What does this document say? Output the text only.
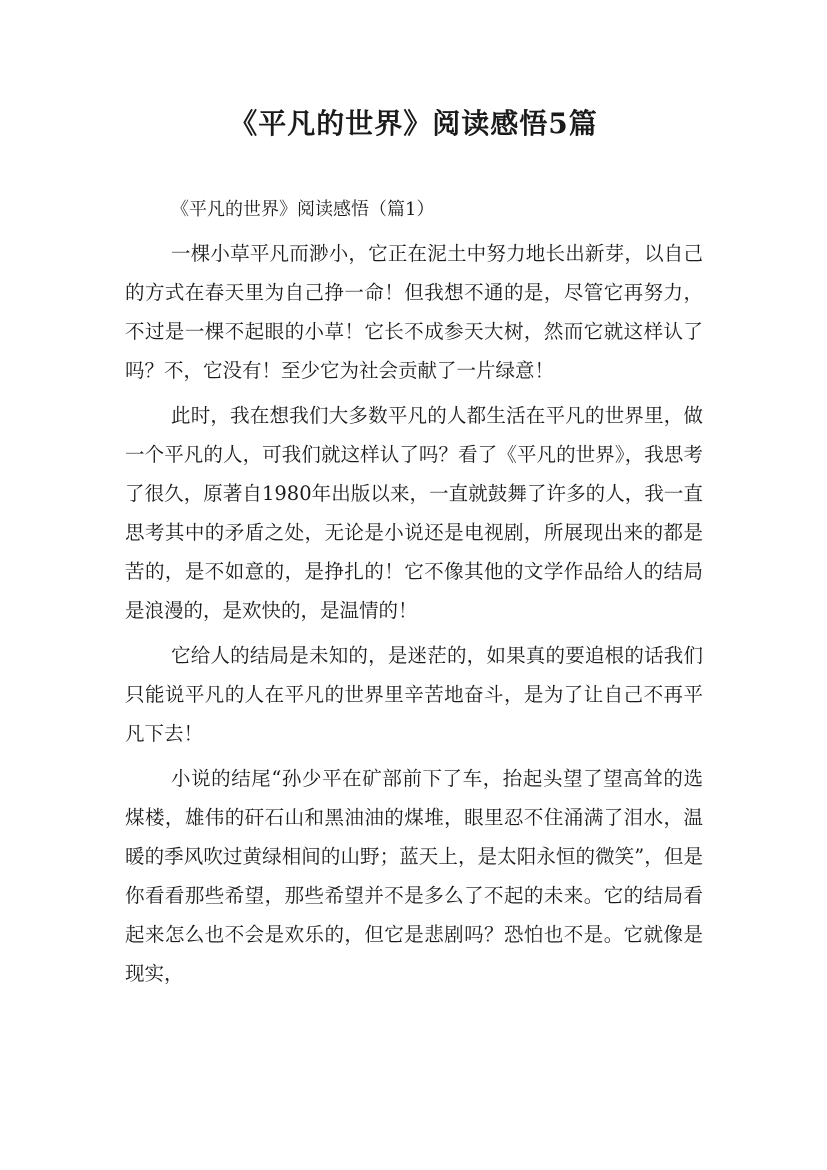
《平凡的世界》阅读感悟5篇

《平凡的世界》阅读感悟（篇1）

一棵小草平凡而渺小，它正在泥土中努力地长出新芽，以自己的方式在春天里为自己挣一命！但我想不通的是，尽管它再努力，不过是一棵不起眼的小草！它长不成参天大树，然而它就这样认了吗？不，它没有！至少它为社会贡献了一片绿意！

此时，我在想我们大多数平凡的人都生活在平凡的世界里，做一个平凡的人，可我们就这样认了吗？看了《平凡的世界》，我思考了很久，原著自1980年出版以来，一直就鼓舞了许多的人，我一直思考其中的矛盾之处，无论是小说还是电视剧，所展现出来的都是苦的，是不如意的，是挣扎的！它不像其他的文学作品给人的结局是浪漫的，是欢快的，是温情的！

它给人的结局是未知的，是迷茫的，如果真的要追根的话我们只能说平凡的人在平凡的世界里辛苦地奋斗，是为了让自己不再平凡下去！

小说的结尾“孙少平在矿部前下了车，抬起头望了望高耸的选煤楼，雄伟的矸石山和黑油油的煤堆，眼里忍不住涌满了泪水，温暖的季风吹过黄绿相间的山野；蓝天上，是太阳永恒的微笑”，但是你看看那些希望，那些希望并不是多么了不起的未来。它的结局看起来怎么也不会是欢乐的，但它是悲剧吗？恐怕也不是。它就像是现实，
